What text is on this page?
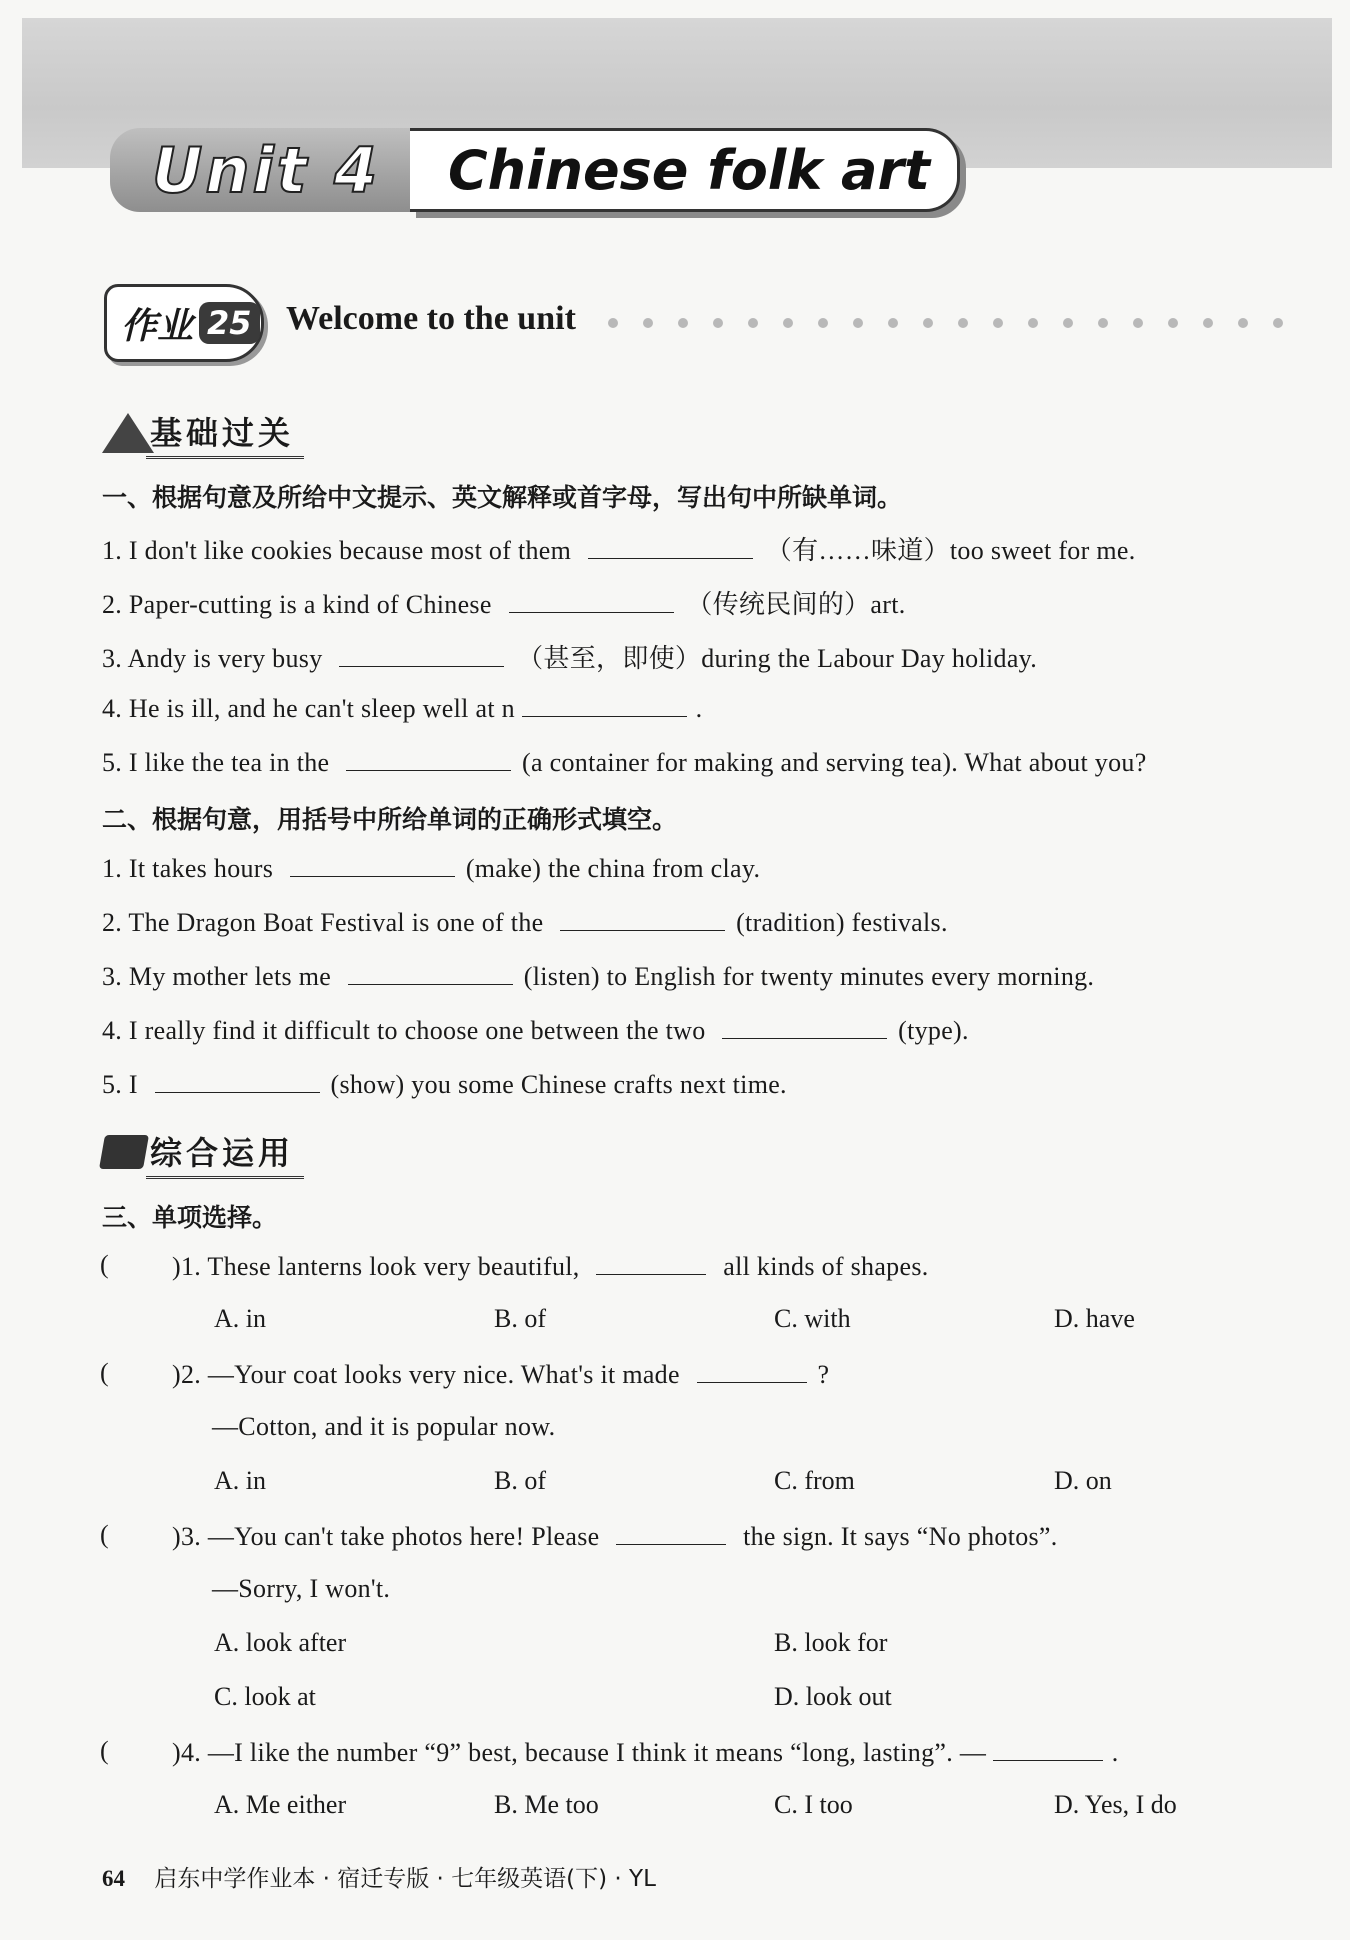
Unit 4	Chinese folk art
作业 25 Welcome to the unit
基础过关
一、根据句意及所给中文提示、英文解释或首字母，写出句中所缺单词。
1. I don't like cookies because most of them	（有……味道）too sweet for me.
2. Paper-cutting is a kind of Chinese	（传统民间的）art.
3. Andy is very busy	（甚至，即使）during the Labour Day holiday.
4. He is ill, and he can't sleep well at n	.
5. I like the tea in the	(a container for making and serving tea). What about you?
二、根据句意，用括号中所给单词的正确形式填空。
1. It takes hours	(make) the china from clay.
2. The Dragon Boat Festival is one of the	(tradition) festivals.
3. My mother lets me	(listen) to English for twenty minutes every morning.
4. I really find it difficult to choose one between the two	(type).
5. I	(show) you some Chinese crafts next time.
综合运用
三、单项选择。
( )1. These lanterns look very beautiful,	all kinds of shapes.
A. in	B. of	C. with	D. have
( )2. —Your coat looks very nice. What's it made	?
—Cotton, and it is popular now.
A. in	B. of	C. from	D. on
( )3. —You can't take photos here! Please	the sign. It says “No photos”.
—Sorry, I won't.
A. look after	B. look for
C. look at	D. look out
( )4. —I like the number “9” best, because I think it means “long, lasting”. —	.
A. Me either	B. Me too	C. I too	D. Yes, I do
64 启东中学作业本 · 宿迁专版 · 七年级英语(下) · YL
